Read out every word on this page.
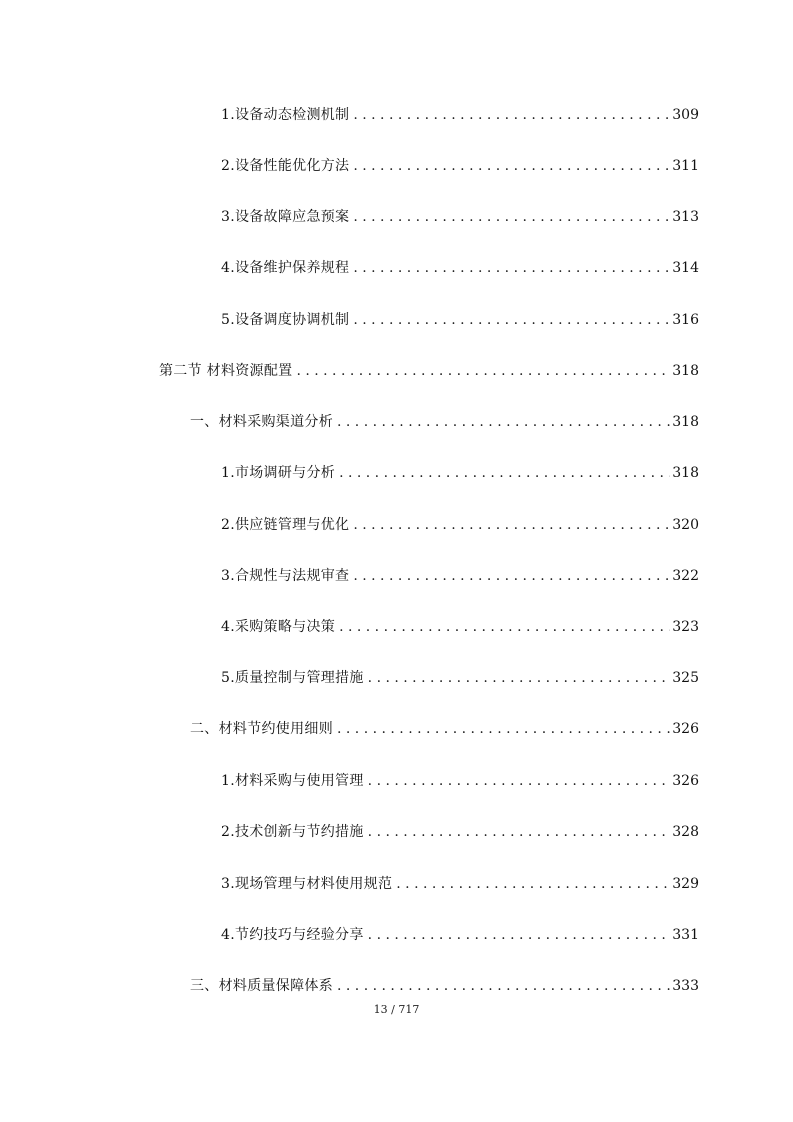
1.设备动态检测机制 . . .	309
2.设备性能优化方法 . . .	311
3.设备故障应急预案 . . .	313
4.设备维护保养规程 . . .	314
5.设备调度协调机制 . . .	316
第二节 材料资源配置 . . .	318
一、材料采购渠道分析 . . .	318
1.市场调研与分析 . . .	318
2.供应链管理与优化 . . .	320
3.合规性与法规审查 . . .	322
4.采购策略与决策 . . .	323
5.质量控制与管理措施 . . .	325
二、材料节约使用细则 . . .	326
1.材料采购与使用管理 . . .	326
2.技术创新与节约措施 . . .	328
3.现场管理与材料使用规范 . . .	329
4.节约技巧与经验分享 . . .	331
三、材料质量保障体系 . . .	333
13 / 717
